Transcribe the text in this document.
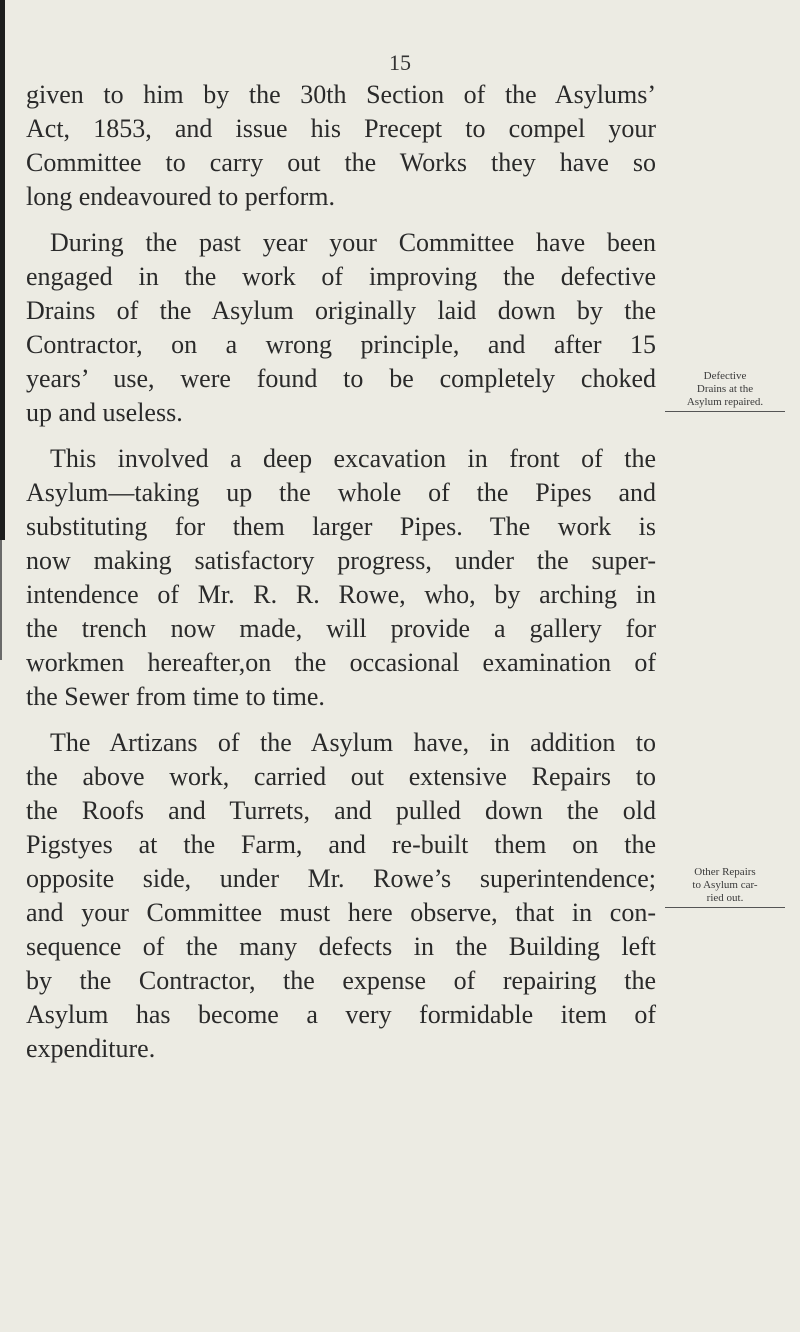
15
given to him by the 30th Section of the Asylums’
Act, 1853, and issue his Precept to compel your
Committee to carry out the Works they have so
long endeavoured to perform.
During the past year your Committee have been
engaged in the work of improving the defective
Drains of the Asylum originally laid down by the
Contractor, on a wrong principle, and after 15
years’ use, were found to be completely choked
up and useless.
This involved a deep excavation in front of the
Asylum—taking up the whole of the Pipes and
substituting for them larger Pipes. The work is
now making satisfactory progress, under the super-
intendence of Mr. R. R. Rowe, who, by arching in
the trench now made, will provide a gallery for
workmen hereafter,on the occasional examination of
the Sewer from time to time.
The Artizans of the Asylum have, in addition to
the above work, carried out extensive Repairs to
the Roofs and Turrets, and pulled down the old
Pigstyes at the Farm, and re-built them on the
opposite side, under Mr. Rowe’s superintendence;
and your Committee must here observe, that in con-
sequence of the many defects in the Building left
by the Contractor, the expense of repairing the
Asylum has become a very formidable item of
expenditure.
Defective
Drains at the
Asylum repaired.
Other Repairs
to Asylum car-
ried out.
